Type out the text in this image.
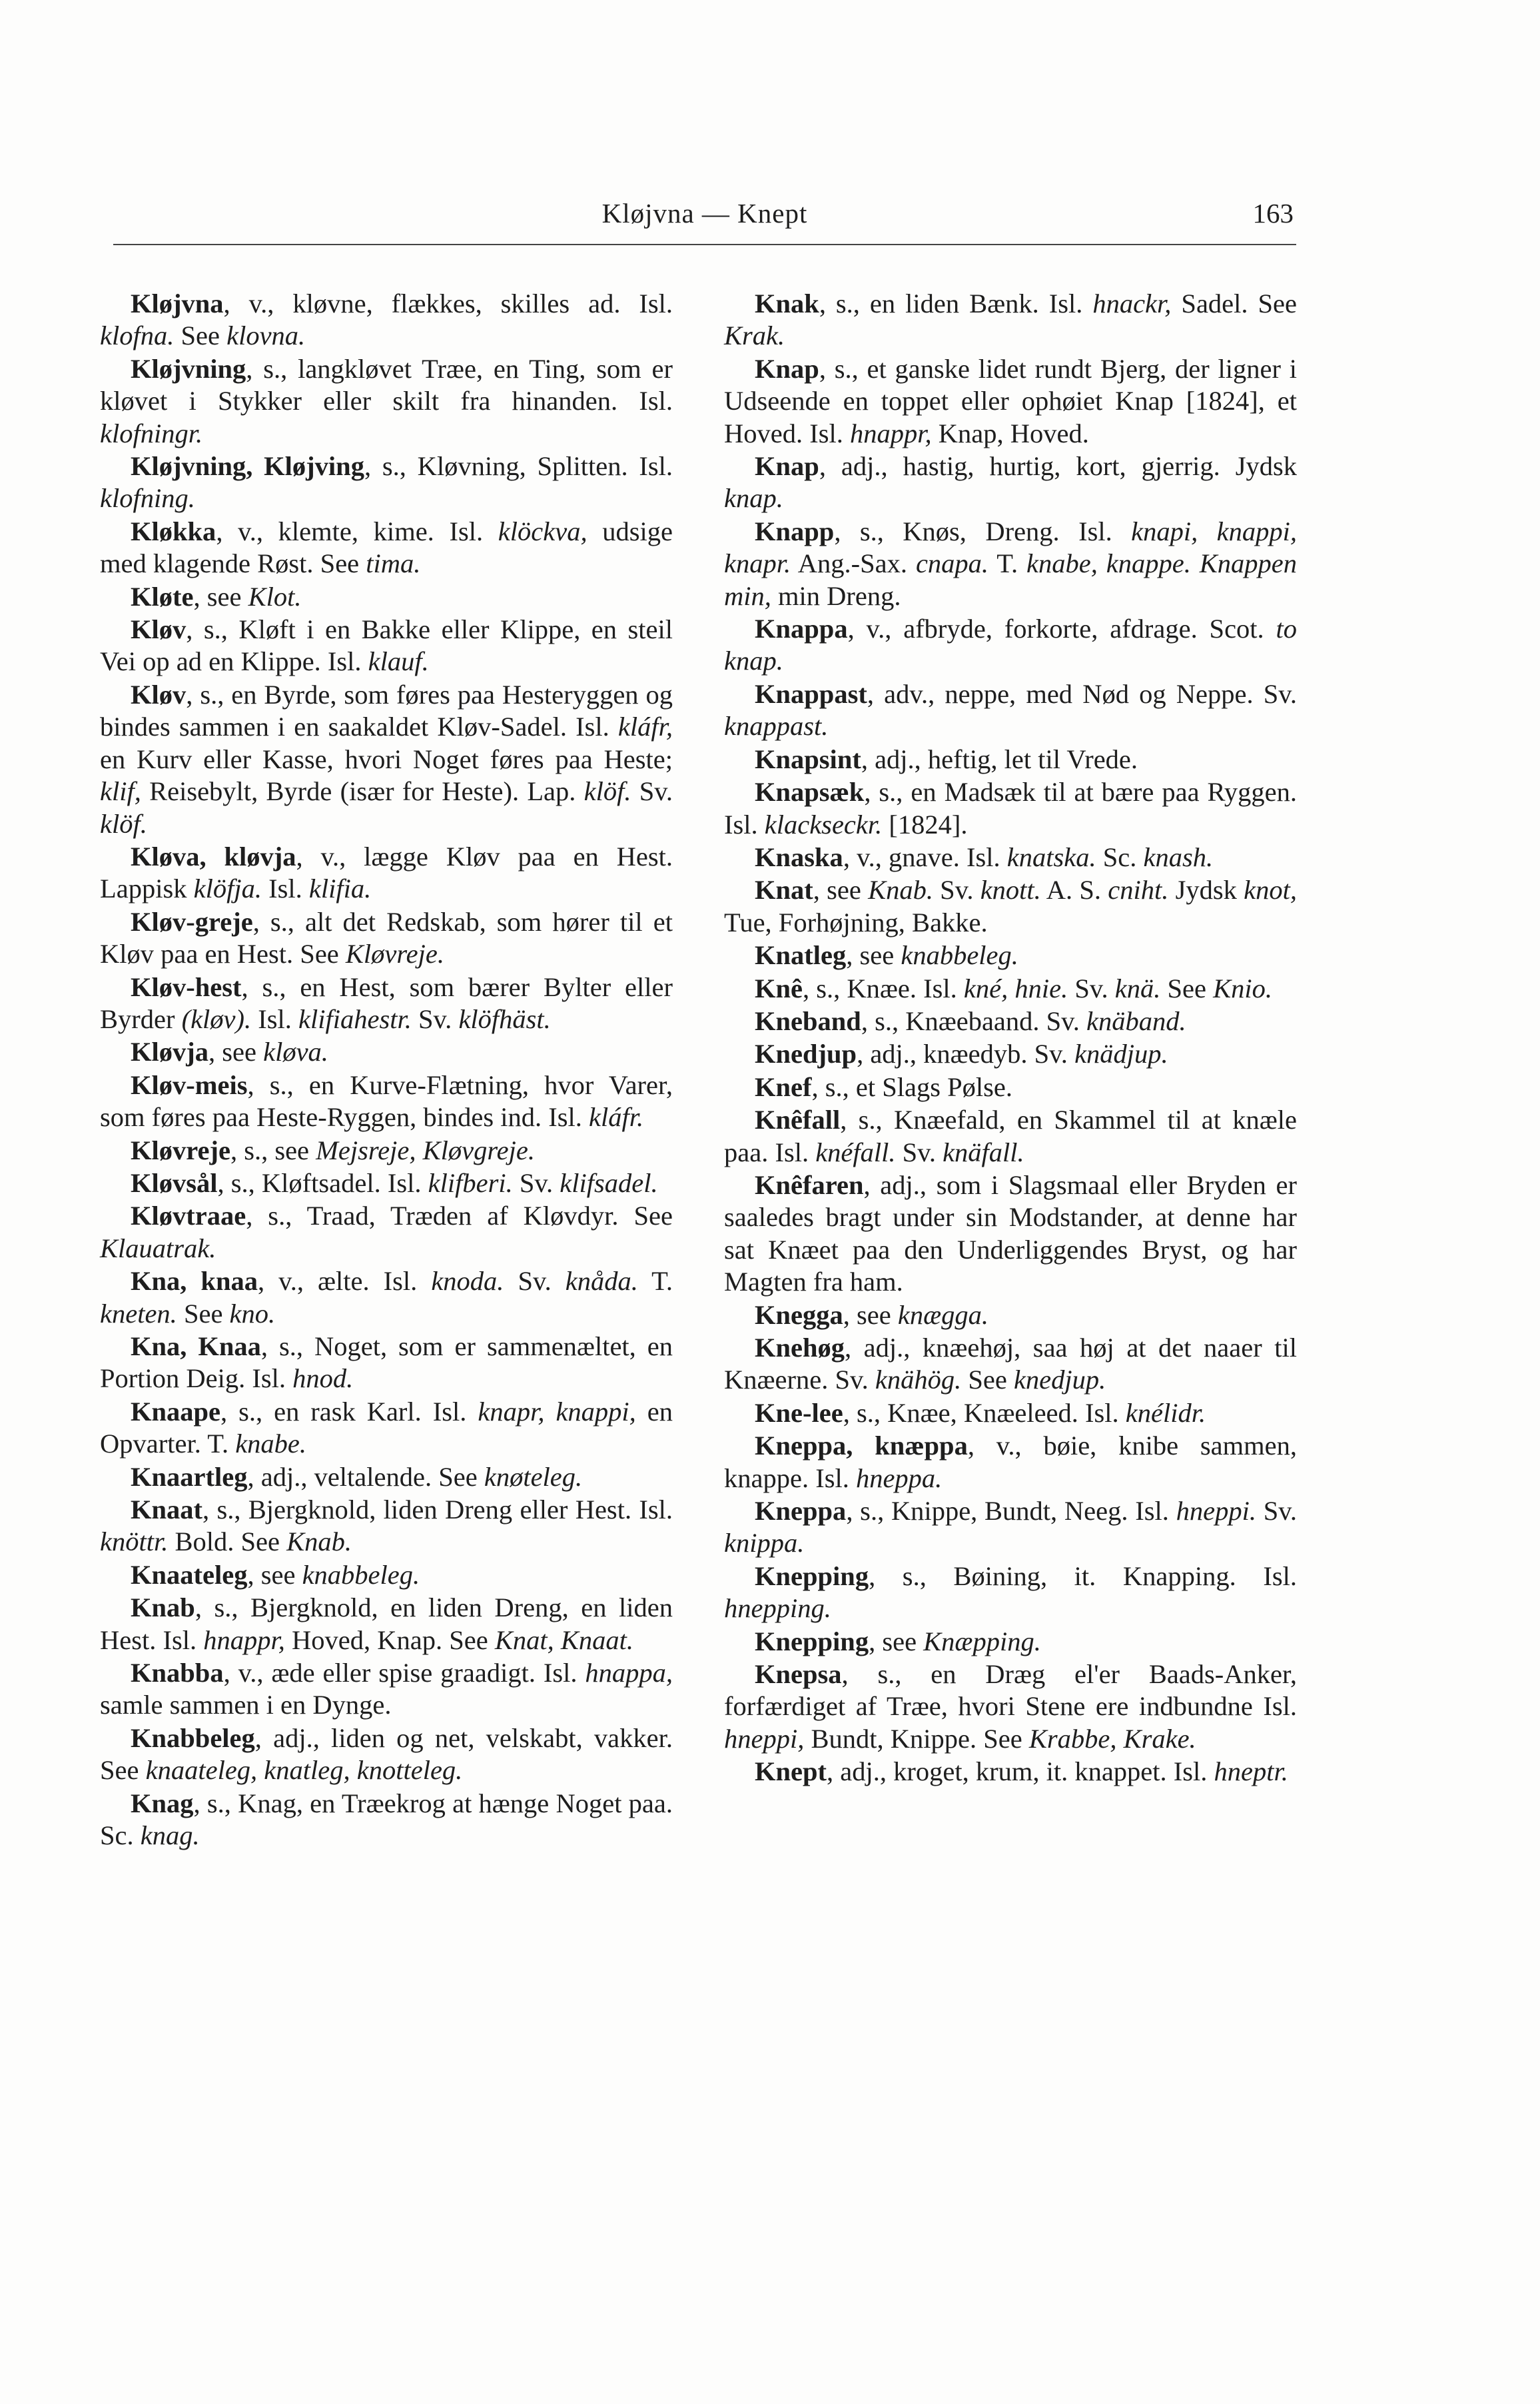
Kløjvna — Knept	163

Kløjvna, v., kløvne, flækkes, skilles ad. Isl. klofna. See klovna.

Kløjvning, s., langkløvet Træe, en Ting, som er kløvet i Stykker eller skilt fra hinanden. Isl. klofningr.

Kløjvning, Kløjving, s., Kløvning, Splitten. Isl. klofning.

Kløkka, v., klemte, kime. Isl. klöckva, udsige med klagende Røst. See tima.

Kløte, see Klot.

Kløv, s., Kløft i en Bakke eller Klippe, en steil Vei op ad en Klippe. Isl. klauf.

Kløv, s., en Byrde, som føres paa Hesteryggen og bindes sammen i en saakaldet Kløv-Sadel. Isl. kláfr, en Kurv eller Kasse, hvori Noget føres paa Heste; klif, Reisebylt, Byrde (især for Heste). Lap. klöf. Sv. klöf.

Kløva, kløvja, v., lægge Kløv paa en Hest. Lappisk klöfja. Isl. klifia.

Kløv-greje, s., alt det Redskab, som hører til et Kløv paa en Hest. See Kløvreje.

Kløv-hest, s., en Hest, som bærer Bylter eller Byrder (kløv). Isl. klifiahestr. Sv. klöfhäst.

Kløvja, see kløva.

Kløv-meis, s., en Kurve-Flætning, hvor Varer, som føres paa Heste-Ryggen, bindes ind. Isl. kláfr.

Kløvreje, s., see Mejsreje, Kløvgreje.

Kløvsål, s., Kløftsadel. Isl. klifberi. Sv. klifsadel.

Kløvtraae, s., Traad, Træden af Kløvdyr. See Klauatrak.

Kna, knaa, v., ælte. Isl. knoda. Sv. knåda. T. kneten. See kno.

Kna, Knaa, s., Noget, som er sammenæltet, en Portion Deig. Isl. hnod.

Knaape, s., en rask Karl. Isl. knapr, knappi, en Opvarter. T. knabe.

Knaartleg, adj., veltalende. See knøteleg.

Knaat, s., Bjergknold, liden Dreng eller Hest. Isl. knöttr. Bold. See Knab.

Knaateleg, see knabbeleg.

Knab, s., Bjergknold, en liden Dreng, en liden Hest. Isl. hnappr, Hoved, Knap. See Knat, Knaat.

Knabba, v., æde eller spise graadigt. Isl. hnappa, samle sammen i en Dynge.

Knabbeleg, adj., liden og net, velskabt, vakker. See knaateleg, knatleg, knotteleg.

Knag, s., Knag, en Træekrog at hænge Noget paa. Sc. knag.

Knak, s., en liden Bænk. Isl. hnackr, Sadel. See Krak.

Knap, s., et ganske lidet rundt Bjerg, der ligner i Udseende en toppet eller ophøiet Knap [1824], et Hoved. Isl. hnappr, Knap, Hoved.

Knap, adj., hastig, hurtig, kort, gjerrig. Jydsk knap.

Knapp, s., Knøs, Dreng. Isl. knapi, knappi, knapr. Ang.-Sax. cnapa. T. knabe, knappe. Knappen min, min Dreng.

Knappa, v., afbryde, forkorte, afdrage. Scot. to knap.

Knappast, adv., neppe, med Nød og Neppe. Sv. knappast.

Knapsint, adj., heftig, let til Vrede.

Knapsæk, s., en Madsæk til at bære paa Ryggen. Isl. klackseckr. [1824].

Knaska, v., gnave. Isl. knatska. Sc. knash.

Knat, see Knab. Sv. knott. A. S. cniht. Jydsk knot, Tue, Forhøjning, Bakke.

Knatleg, see knabbeleg.

Knê, s., Knæe. Isl. kné, hnie. Sv. knä. See Knio.

Kneband, s., Knæebaand. Sv. knäband.

Knedjup, adj., knæedyb. Sv. knädjup.

Knef, s., et Slags Pølse.

Knêfall, s., Knæefald, en Skammel til at knæle paa. Isl. knéfall. Sv. knäfall.

Knêfaren, adj., som i Slagsmaal eller Bryden er saaledes bragt under sin Modstander, at denne har sat Knæet paa den Underliggendes Bryst, og har Magten fra ham.

Knegga, see knægga.

Knehøg, adj., knæehøj, saa høj at det naaer til Knæerne. Sv. knähög. See knedjup.

Kne-lee, s., Knæe, Knæeleed. Isl. knélidr.

Kneppa, knæppa, v., bøie, knibe sammen, knappe. Isl. hneppa.

Kneppa, s., Knippe, Bundt, Neeg. Isl. hneppi. Sv. knippa.

Knepping, s., Bøining, it. Knapping. Isl. hnepping.

Knepping, see Knæpping.

Knepsa, s., en Dræg el'er Baads-Anker, forfærdiget af Træe, hvori Stene ere indbundne Isl. hneppi, Bundt, Knippe. See Krabbe, Krake.

Knept, adj., kroget, krum, it. knappet. Isl. hneptr.
